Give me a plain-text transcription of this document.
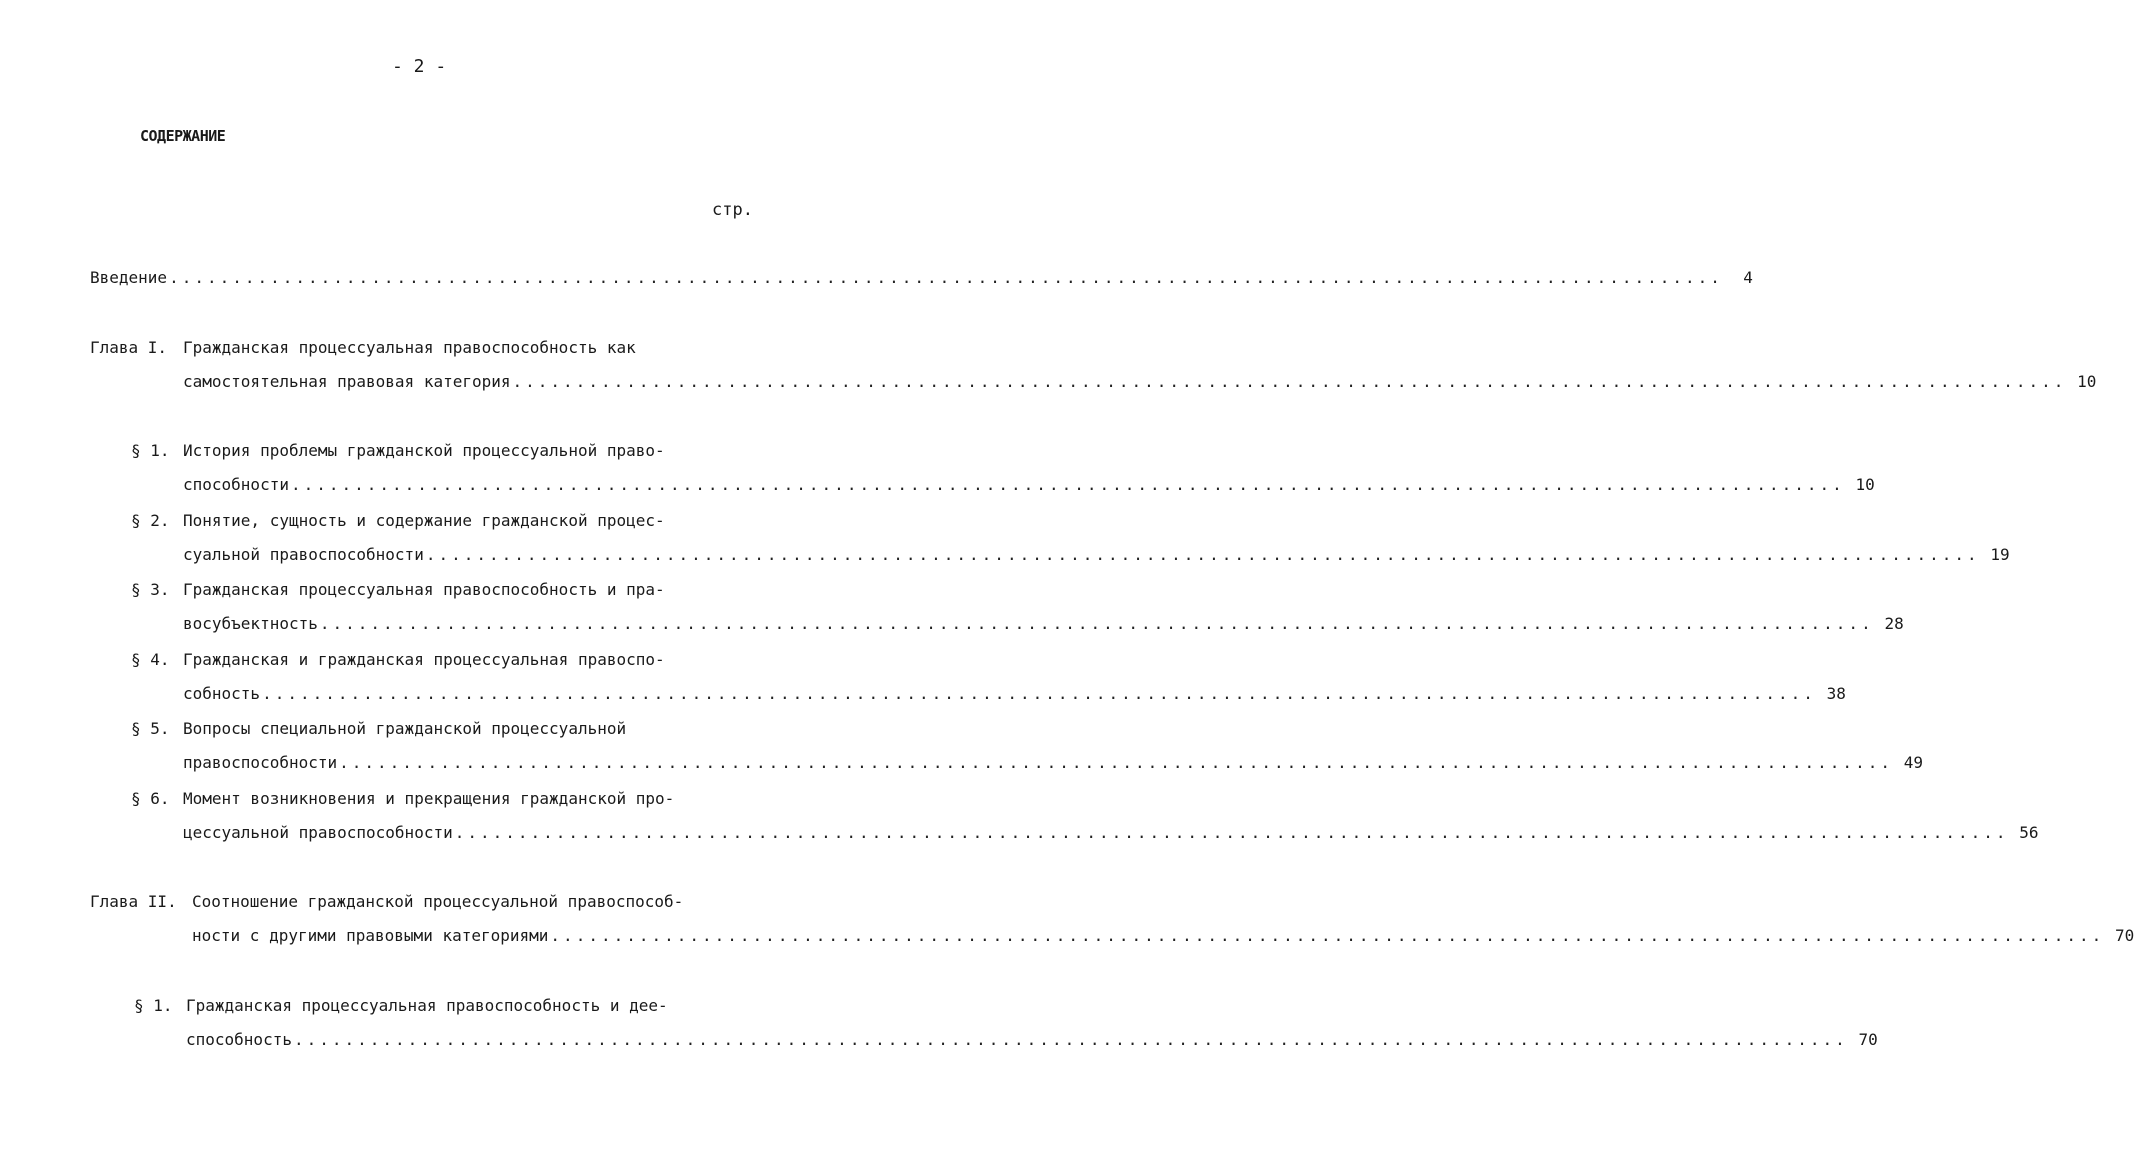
- 2 -
СОДЕРЖАНИЕ
стр.
Введение ...........................................................................................................................	4
Глава I. Гражданская процессуальная правоспособность как
самостоятельная правовая категория ........................................................................................................................... 10
§ 1. История проблемы гражданской процессуальной право-
способности ........................................................................................................................... 10
§ 2. Понятие, сущность и содержание гражданской процес-
суальной правоспособности ........................................................................................................................... 19
§ 3. Гражданская процессуальная правоспособность и пра-
восубъектность ........................................................................................................................... 28
§ 4. Гражданская и гражданская процессуальная правоспо-
собность ........................................................................................................................... 38
§ 5. Вопросы специальной гражданской процессуальной
правоспособности ........................................................................................................................... 49
§ 6. Момент возникновения и прекращения гражданской про-
цессуальной правоспособности ........................................................................................................................... 56
Глава II. Соотношение гражданской процессуальной правоспособ-
ности с другими правовыми категориями ........................................................................................................................... 70
§ 1. Гражданская процессуальная правоспособность и дее-
способность ........................................................................................................................... 70
